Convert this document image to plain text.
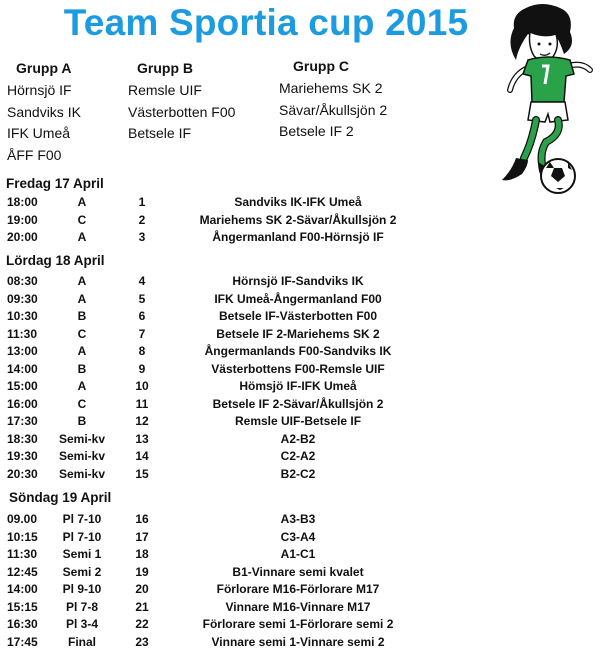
Team Sportia cup 2015
Grupp A
Hörnsjö IF
Sandviks IK
IFK Umeå
ÅFF F00
Grupp B
Remsle UIF
Västerbotten F00
Betsele IF
Grupp C
Mariehems SK 2
Sävar/Åkullsjön 2
Betsele IF 2
Fredag 17 April
18:00	A	1	Sandviks IK-IFK Umeå
19:00	C	2	Mariehems SK 2-Sävar/Åkullsjön 2
20:00	A	3	Ångermanland F00-Hörnsjö IF
Lördag 18 April
08:30	A	4	Hörnsjö IF-Sandviks IK
09:30	A	5	IFK Umeå-Ångermanland F00
10:30	B	6	Betsele IF-Västerbotten F00
11:30	C	7	Betsele IF 2-Mariehems SK 2
13:00	A	8	Ångermanlands F00-Sandviks IK
14:00	B	9	Västerbottens F00-Remsle UIF
15:00	A	10	Hömsjö IF-IFK Umeå
16:00	C	11	Betsele IF 2-Sävar/Åkullsjön 2
17:30	B	12	Remsle UIF-Betsele IF
18:30 Semi-kv	13	A2-B2
19:30 Semi-kv	14	C2-A2
20:30 Semi-kv	15	B2-C2
Söndag 19 April
09.00 Pl 7-10	16	A3-B3
10:15 Pl 7-10	17	C3-A4
11:30 Semi 1	18	A1-C1
12:45 Semi 2	19	B1-Vinnare semi kvalet
14:00 Pl 9-10	20	Förlorare M16-Förlorare M17
15:15 Pl 7-8	21	Vinnare M16-Vinnare M17
16:30 Pl 3-4	22	Förlorare semi 1-Förlorare semi 2
17:45	Final	23	Vinnare semi 1-Vinnare semi 2
